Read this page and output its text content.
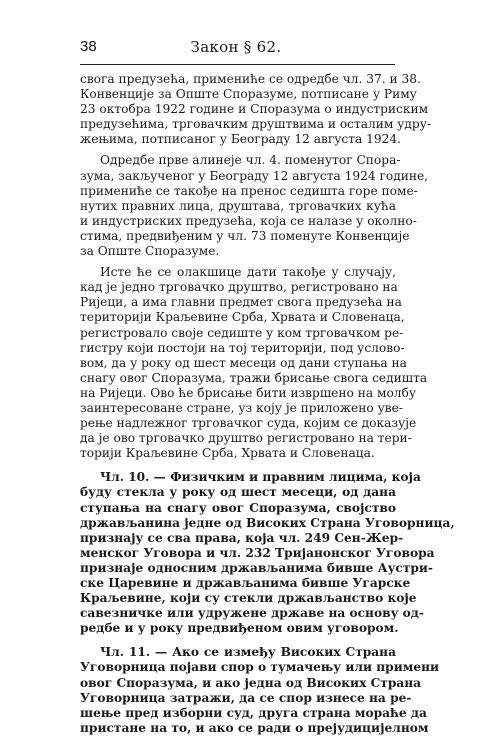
38	Закон § 62.
свога предузећа, примениће се одредбе чл. 37. и 38.
Конвенције за Опште Споразуме, потписане у Риму
23 октобра 1922 године и Споразума о индустриским
предузећима, трговачким друштвима и осталим удру-
жењима, потписаног у Београду 12 августа 1924.
Одредбе прве алинеје чл. 4. поменутог Спора-
зума, закљученог у Београду 12 августа 1924 године,
примениће се такође на пренос седишта горе поме-
нутих правних лица, друштава, трговачких кућа
и индустриских предузећа, која се налазе у околно-
стима, предвиђеним у чл. 73 поменуте Конвенције
за Опште Споразуме.
Исте ће се олакшице дати такође у случају,
кад је једно трговачко друштво, регистровано на
Ријеци, а има главни предмет свога предузећа на
територији Краљевине Срба, Хрвата и Словенаца,
регистровало своје седиште у ком трговачком ре-
гистру који постоји на тој територији, под услово-
вом, да у року од шест месеци од дани ступања на
снагу овог Споразума, тражи брисање свога седишта
на Ријеци. Ово ће брисање бити извршено на молбу
заинтересоване стране, уз коју је приложено уве-
рење надлежног трговачког суда, којим се доказује
да је ово трговачко друштво регистровано на тери-
торији Краљевине Срба, Хрвата и Словенаца.
Чл. 10. — Физичким и правним лицима, која
буду стекла у року од шест месеци, од дана
ступања на снагу овог Споразума, својство
држављанина једне од Високих Страна Уговорница,
признају се сва права, која чл. 249 Сен-Жер-
менског Уговора и чл. 232 Тријанонског Уговора
признаје односним држављанима бивше Аустри-
ске Царевине и држављанима бивше Угарске
Краљевине, који су стекли држављанство које
савезничке или удружене државе на основу од-
редбе и у року предвиђеном овим уговором.
Чл. 11. — Ако се између Високих Страна
Уговорница појави спор о тумачењу или примени
овог Споразума, и ако једна од Високих Страна
Уговорница затражи, да се спор изнесе на ре-
шење пред изборни суд, друга страна мораће да
пристане на то, и ако се ради о прејудицијелном
